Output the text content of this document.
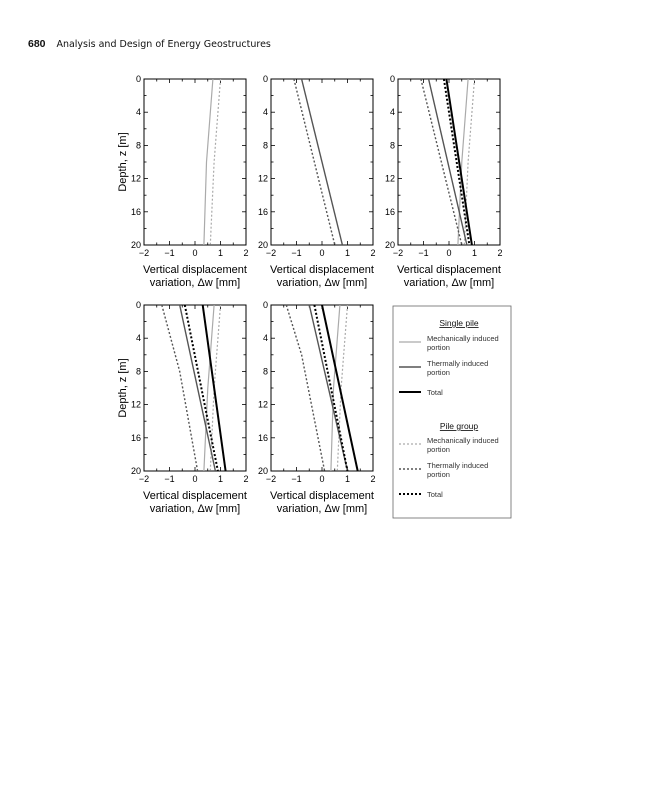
680 Analysis and Design of Energy Geostructures
−2 −1 0 1 2
0
4
8
12
16
20
Vertical displacement
variation, Δw [mm]
Depth, z [m]
−2 −1 0 1 2
0
4
8
12
16
20
Vertical displacement
variation, Δw [mm]
−2 −1 0 1 2
0
4
8
12
16
20
Vertical displacement
variation, Δw [mm]
−2 −1 0 1 2
0
4
8
12
16
20
Vertical displacement
variation, Δw [mm]
Depth, z [m]
−2 −1 0 1 2
0
4
8
12
16
20
Vertical displacement
variation, Δw [mm]
Single pile
Pile group
Mechanically induced
portion
Thermally induced
portion
Total
Mechanically induced
portion
Thermally induced
portion
Total
